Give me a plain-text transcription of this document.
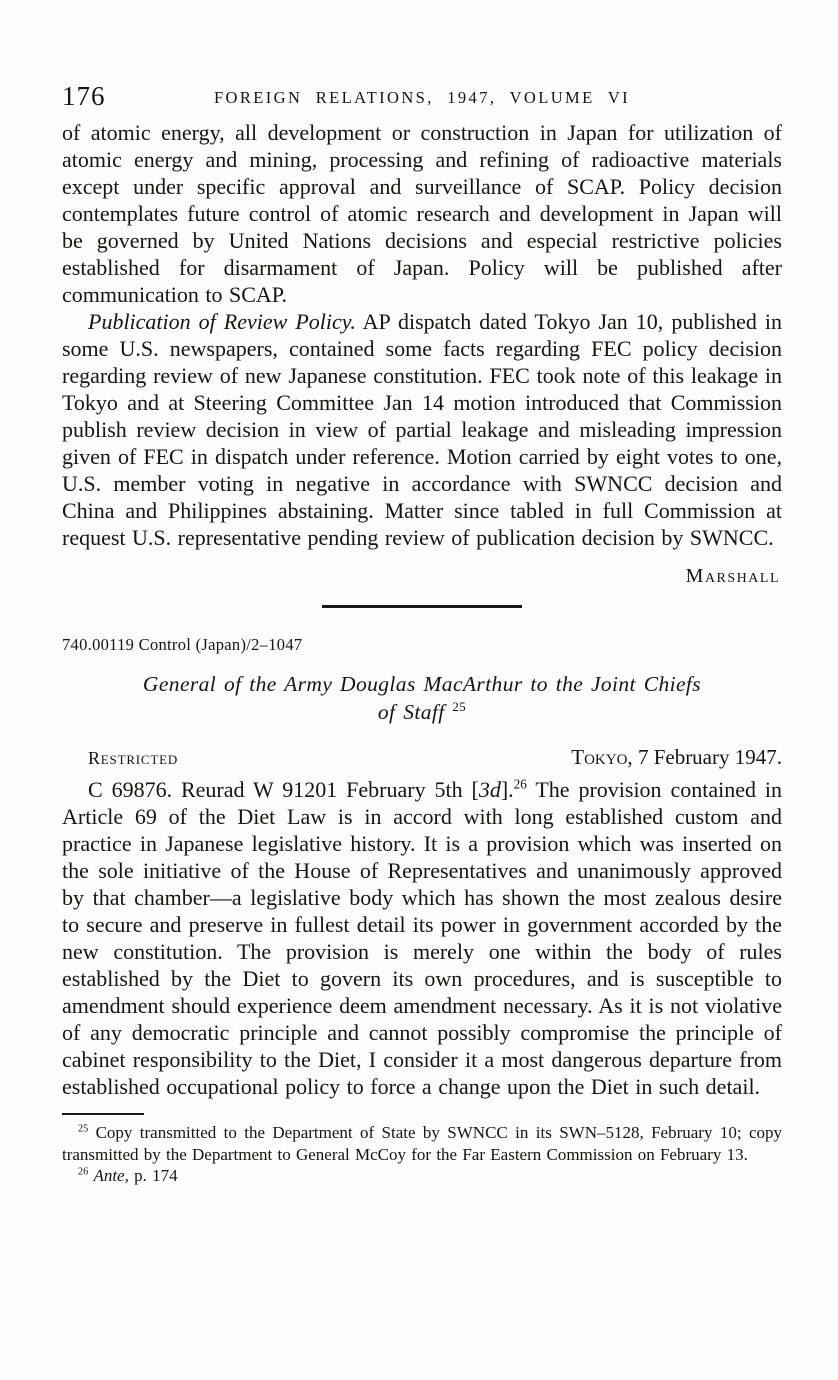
176	FOREIGN RELATIONS, 1947, VOLUME VI

of atomic energy, all development or construction in Japan for utilization of atomic energy and mining, processing and refining of radioactive materials except under specific approval and surveillance of SCAP. Policy decision contemplates future control of atomic research and development in Japan will be governed by United Nations decisions and especial restrictive policies established for disarmament of Japan. Policy will be published after communication to SCAP.

Publication of Review Policy. AP dispatch dated Tokyo Jan 10, published in some U.S. newspapers, contained some facts regarding FEC policy decision regarding review of new Japanese constitution. FEC took note of this leakage in Tokyo and at Steering Committee Jan 14 motion introduced that Commission publish review decision in view of partial leakage and misleading impression given of FEC in dispatch under reference. Motion carried by eight votes to one, U.S. member voting in negative in accordance with SWNCC decision and China and Philippines abstaining. Matter since tabled in full Commission at request U.S. representative pending review of publication decision by SWNCC.

Marshall

740.00119 Control (Japan)/2–1047

General of the Army Douglas MacArthur to the Joint Chiefs
of Staff $^{25}$
Restricted	Tokyo, 7 February 1947.

C 69876. Reurad W 91201 February 5th [3d].$^{26}$ The provision contained in Article 69 of the Diet Law is in accord with long established custom and practice in Japanese legislative history. It is a provision which was inserted on the sole initiative of the House of Representatives and unanimously approved by that chamber—a legislative body which has shown the most zealous desire to secure and preserve in fullest detail its power in government accorded by the new constitution. The provision is merely one within the body of rules established by the Diet to govern its own procedures, and is susceptible to amendment should experience deem amendment necessary. As it is not violative of any democratic principle and cannot possibly compromise the principle of cabinet responsibility to the Diet, I consider it a most dangerous departure from established occupational policy to force a change upon the Diet in such detail.

$^{25}$ Copy transmitted to the Department of State by SWNCC in its SWN–5128, February 10; copy transmitted by the Department to General McCoy for the Far Eastern Commission on February 13.

$^{26}$ Ante, p. 174
